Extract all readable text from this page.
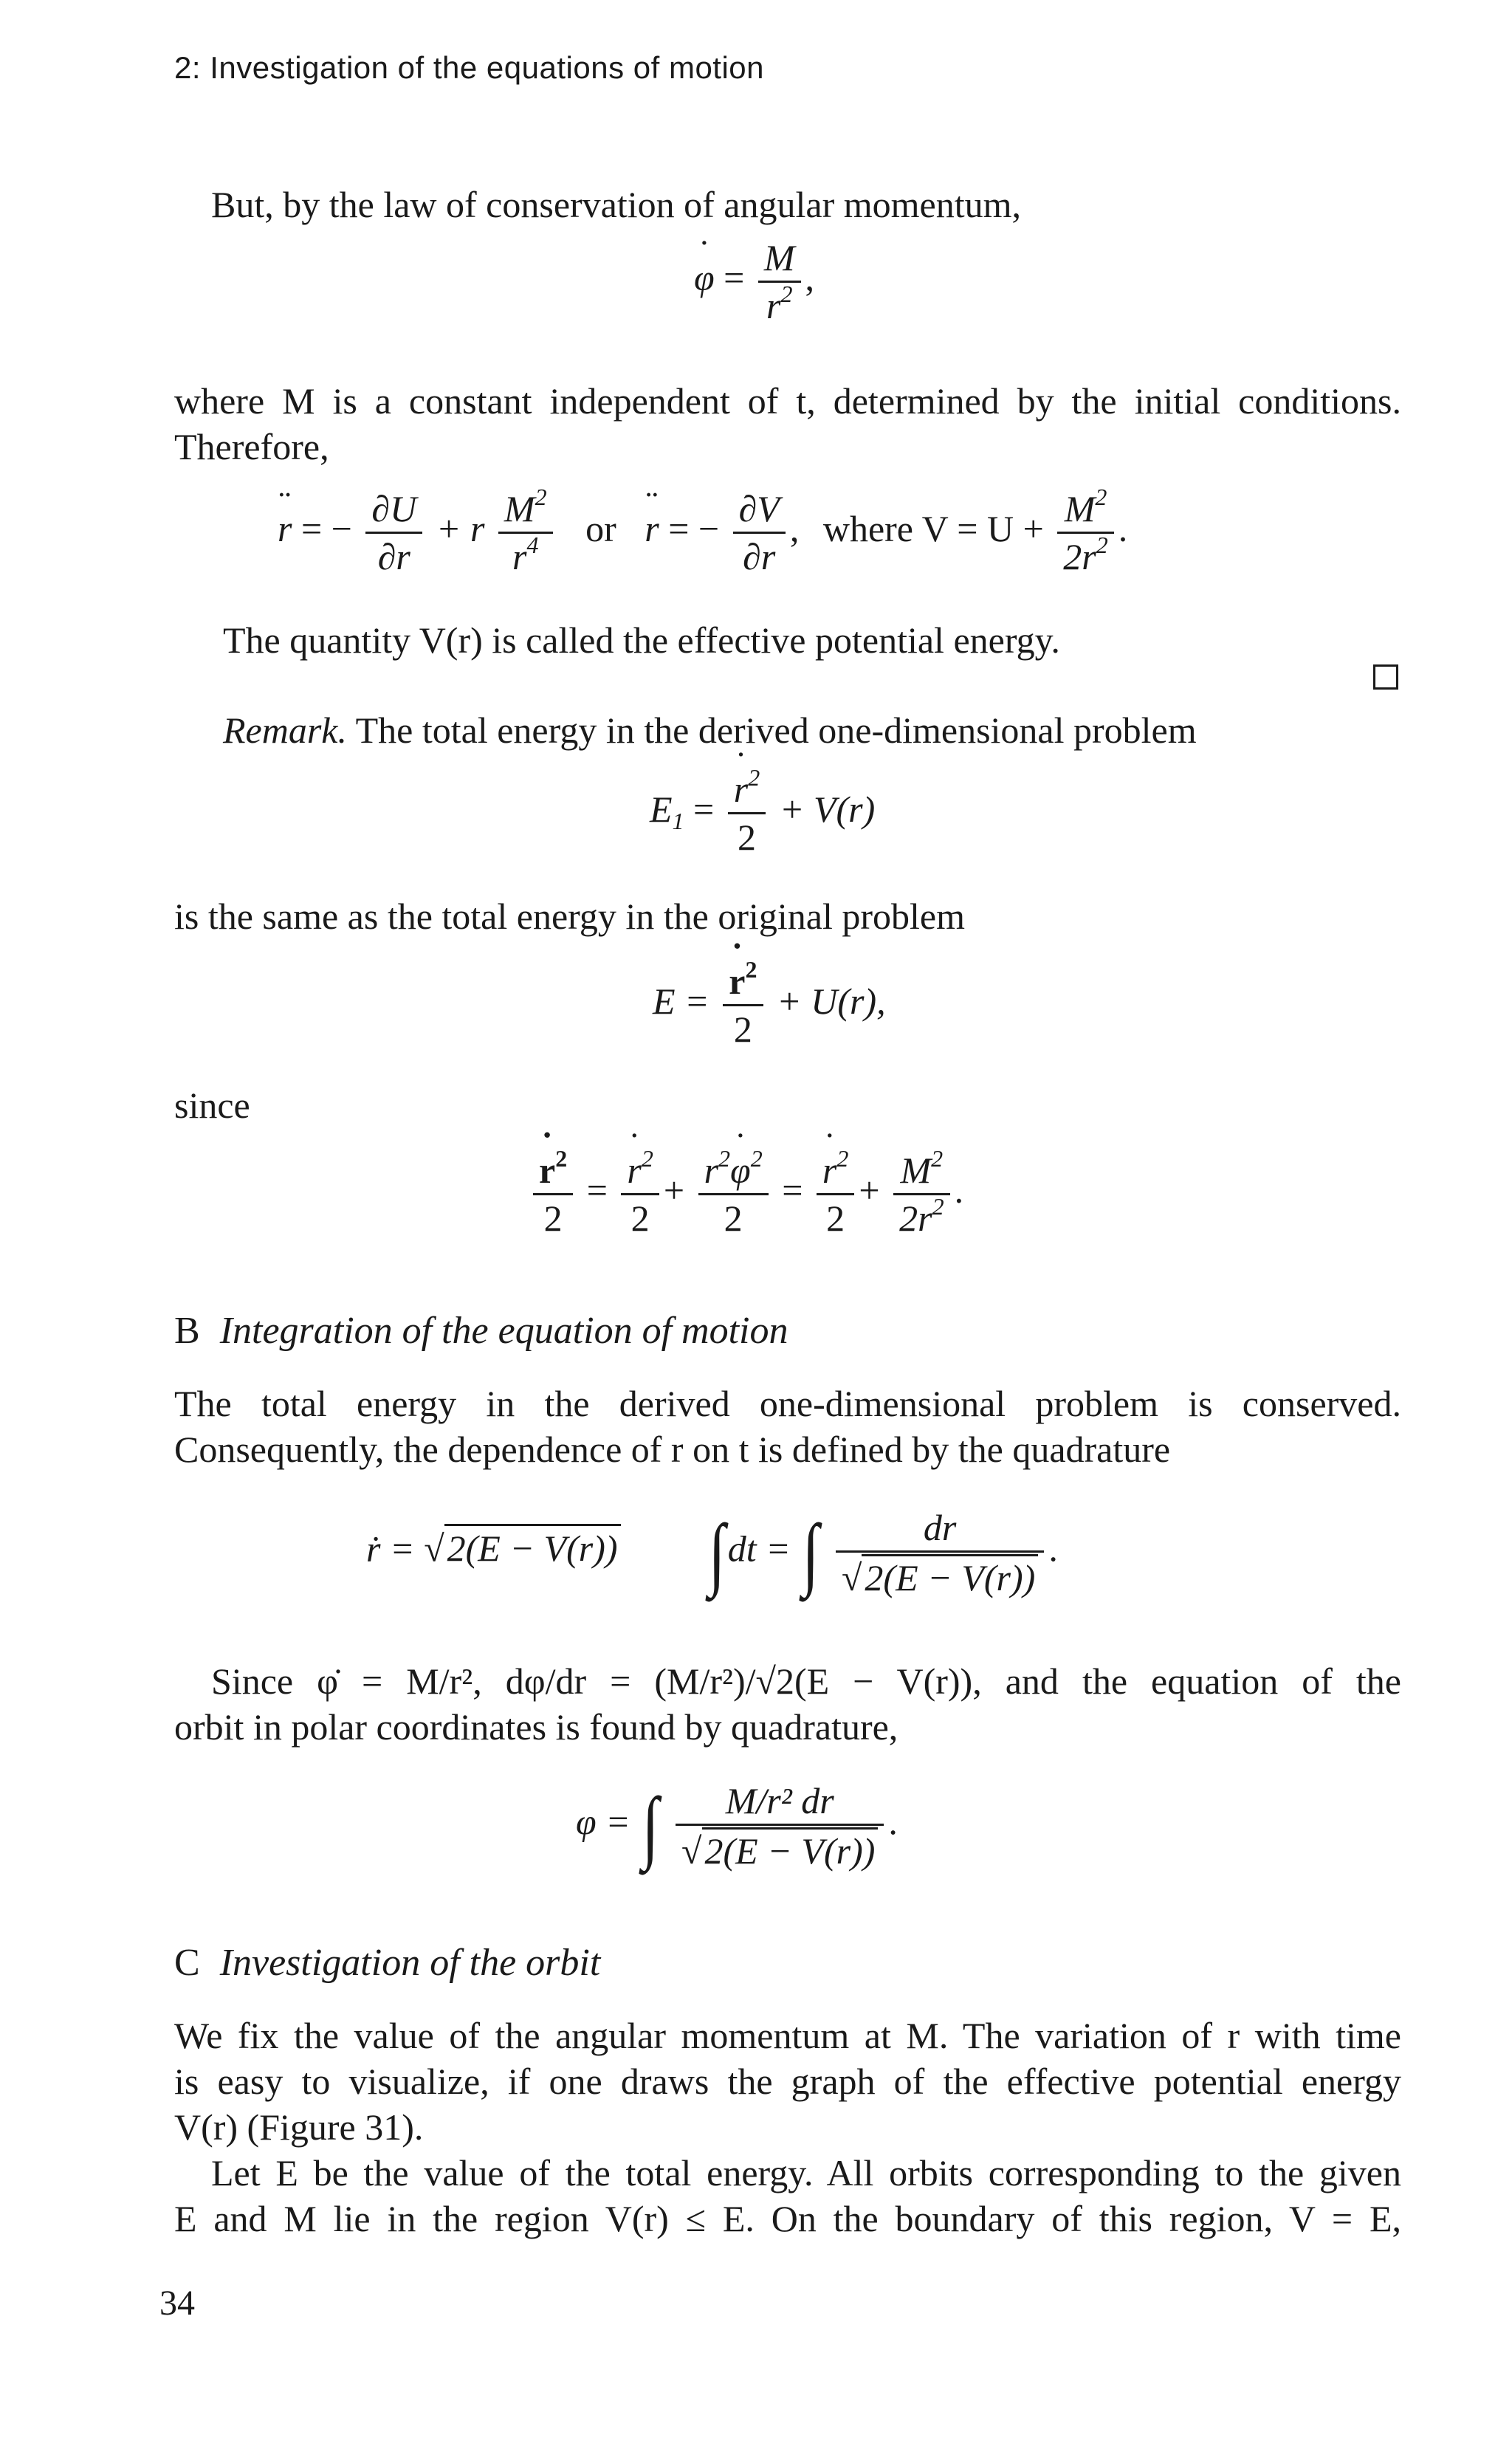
2: Investigation of the equations of motion
But, by the law of conservation of angular momentum,
˙ $\varphi = \frac{M}{r^2}$ ,
where M is a constant independent of t, determined by the initial conditions.
Therefore,
¨ r = − $\frac{\partial U}{\partial r} + r \frac{M^2}{r^4}$ or ¨ r = − $\frac{\partial V}{\partial r}$ , where $V = U + \frac{M^2}{2r^2}$ .
The quantity V(r) is called the effective potential energy.
Remark. The total energy in the derived one-dimensional problem
$E_1$ = ˙ $\frac{r^2}{2} + V(r)$
is the same as the total energy in the original problem
E = ˙ $\frac{r^2}{2} + U(r)$,
since
˙ $\frac{r^2}{2}$ = ˙ $\frac{r^2}{2} + \frac{r^2˙ \varphi^2}{2}$ = ˙ $\frac{r^2}{2} + \frac{M^2}{2r^2}$ .
B Integration of the equation of motion
The total energy in the derived one-dimensional problem is conserved.
Consequently, the dependence of r on t is defined by the quadrature
ṙ = √2(E − V(r)) ∫dt = ∫ $\frac{dr}{√2(E - V(r))}$ .
Since φ̇ = M/r², dφ/dr = (M/r²)/√2(E − V(r)), and the equation of the
orbit in polar coordinates is found by quadrature,
φ = ∫ $\frac{\text{M/r² dr}}{√2(E - V(r))}$ .
C Investigation of the orbit
We fix the value of the angular momentum at M. The variation of r with time
is easy to visualize, if one draws the graph of the effective potential energy
V(r) (Figure 31).
Let E be the value of the total energy. All orbits corresponding to the given
E and M lie in the region V(r) ≤ E. On the boundary of this region, V = E,
34
